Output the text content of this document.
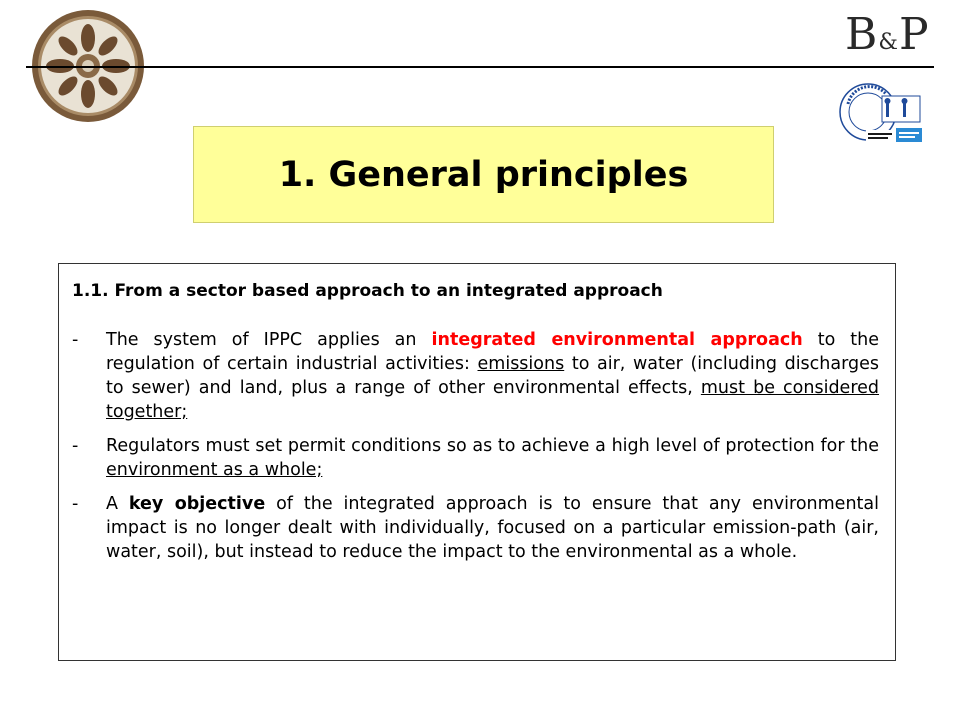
B&P
1. General principles
1.1. From a sector based approach to an integrated approach
- The system of IPPC applies an integrated environmental approach to the regulation of certain industrial activities: emissions to air, water (including discharges to sewer) and land, plus a range of other environmental effects, must be considered together;
- Regulators must set permit conditions so as to achieve a high level of protection for the environment as a whole;
- A key objective of the integrated approach is to ensure that any environmental impact is no longer dealt with individually, focused on a particular emission-path (air, water, soil), but instead to reduce the impact to the environmental as a whole.
